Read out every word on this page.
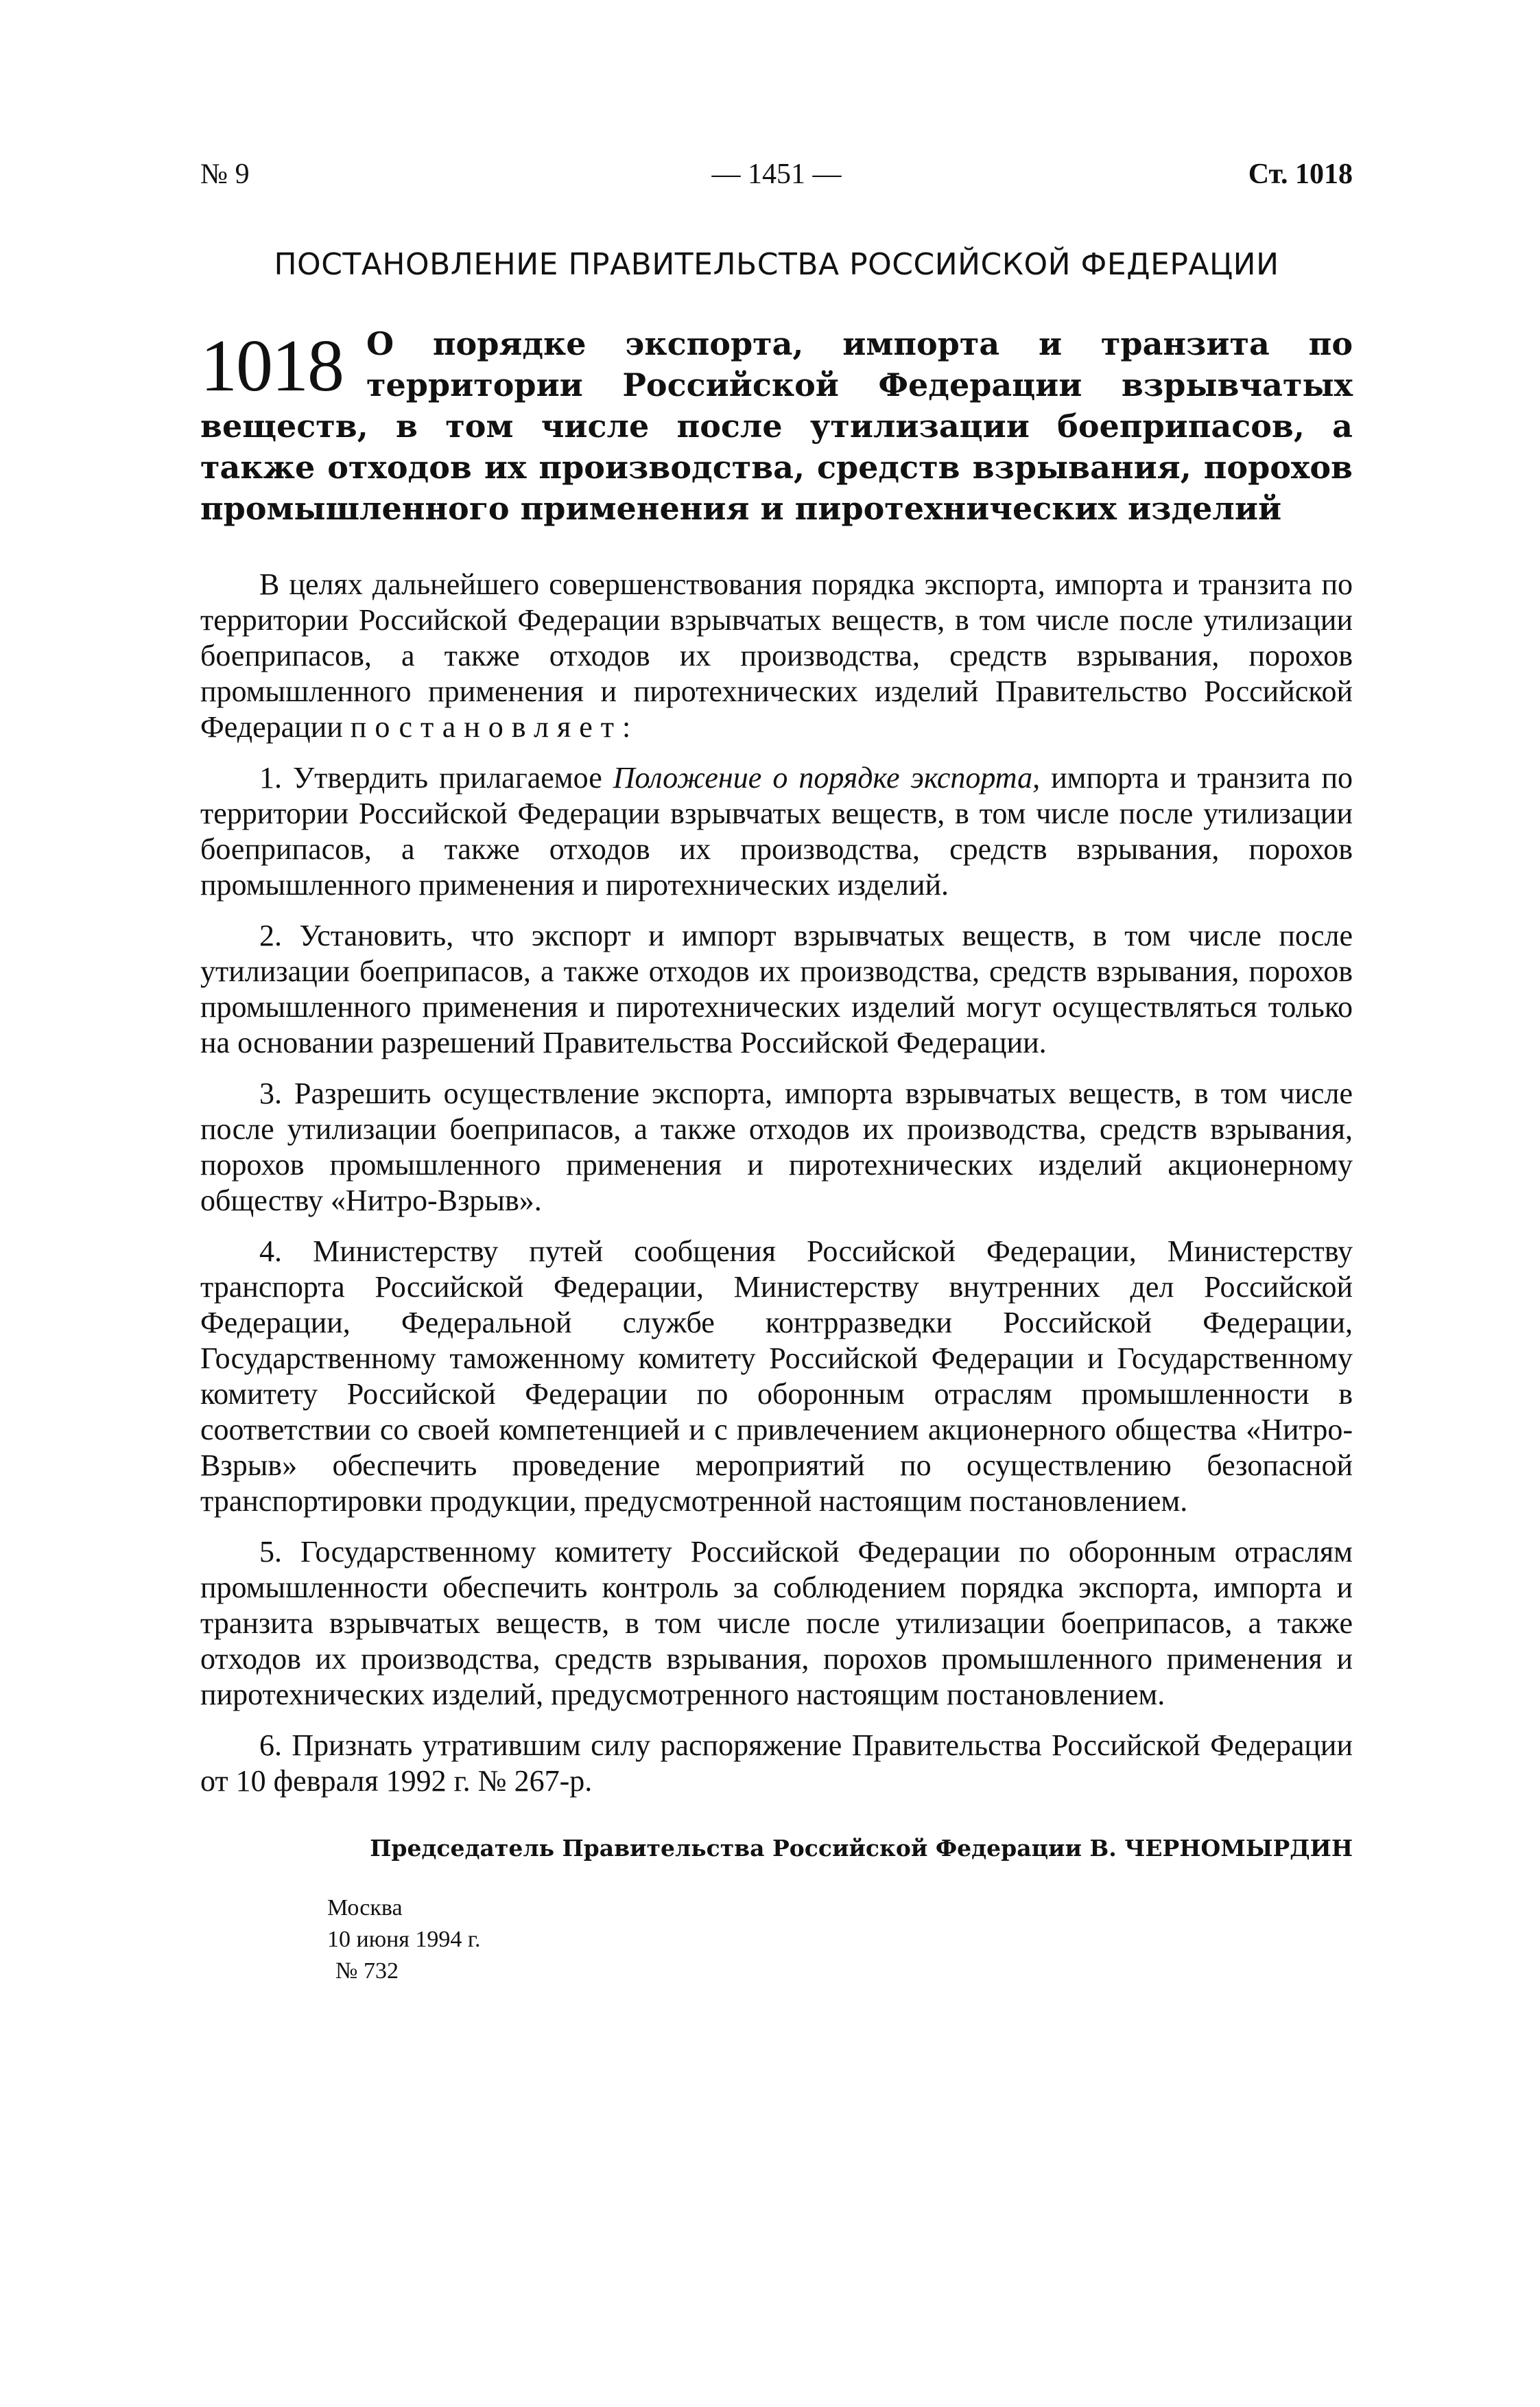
№ 9	— 1451 —	Ст. 1018
ПОСТАНОВЛЕНИЕ ПРАВИТЕЛЬСТВА РОССИЙСКОЙ ФЕДЕРАЦИИ
1018 О порядке экспорта, импорта и транзита по территории Российской Федерации взрывчатых веществ, в том числе после утилизации боеприпасов, а также отходов их производства, средств взрывания, порохов промышленного применения и пиротехнических изделий

В целях дальнейшего совершенствования порядка экспорта, импорта и транзита по территории Российской Федерации взрывчатых веществ, в том числе после утилизации боеприпасов, а также отходов их производства, средств взрывания, порохов промышленного применения и пиротехнических изделий Правительство Российской Федерации постановляет:

1. Утвердить прилагаемое Положение о порядке экспорта, импорта и транзита по территории Российской Федерации взрывчатых веществ, в том числе после утилизации боеприпасов, а также отходов их производства, средств взрывания, порохов промышленного применения и пиротехнических изделий.

2. Установить, что экспорт и импорт взрывчатых веществ, в том числе после утилизации боеприпасов, а также отходов их производства, средств взрывания, порохов промышленного применения и пиротехнических изделий могут осуществляться только на основании разрешений Правительства Российской Федерации.

3. Разрешить осуществление экспорта, импорта взрывчатых веществ, в том числе после утилизации боеприпасов, а также отходов их производства, средств взрывания, порохов промышленного применения и пиротехнических изделий акционерному обществу «Нитро-Взрыв».

4. Министерству путей сообщения Российской Федерации, Министерству транспорта Российской Федерации, Министерству внутренних дел Российской Федерации, Федеральной службе контрразведки Российской Федерации, Государственному таможенному комитету Российской Федерации и Государственному комитету Российской Федерации по оборонным отраслям промышленности в соответствии со своей компетенцией и с привлечением акционерного общества «Нитро-Взрыв» обеспечить проведение мероприятий по осуществлению безопасной транспортировки продукции, предусмотренной настоящим постановлением.

5. Государственному комитету Российской Федерации по оборонным отраслям промышленности обеспечить контроль за соблюдением порядка экспорта, импорта и транзита взрывчатых веществ, в том числе после утилизации боеприпасов, а также отходов их производства, средств взрывания, порохов промышленного применения и пиротехнических изделий, предусмотренного настоящим постановлением.

6. Признать утратившим силу распоряжение Правительства Российской Федерации от 10 февраля 1992 г. № 267-р.

Председатель Правительства Российской Федерации В. ЧЕРНОМЫРДИН
Москва
10 июня 1994 г.
№ 732
